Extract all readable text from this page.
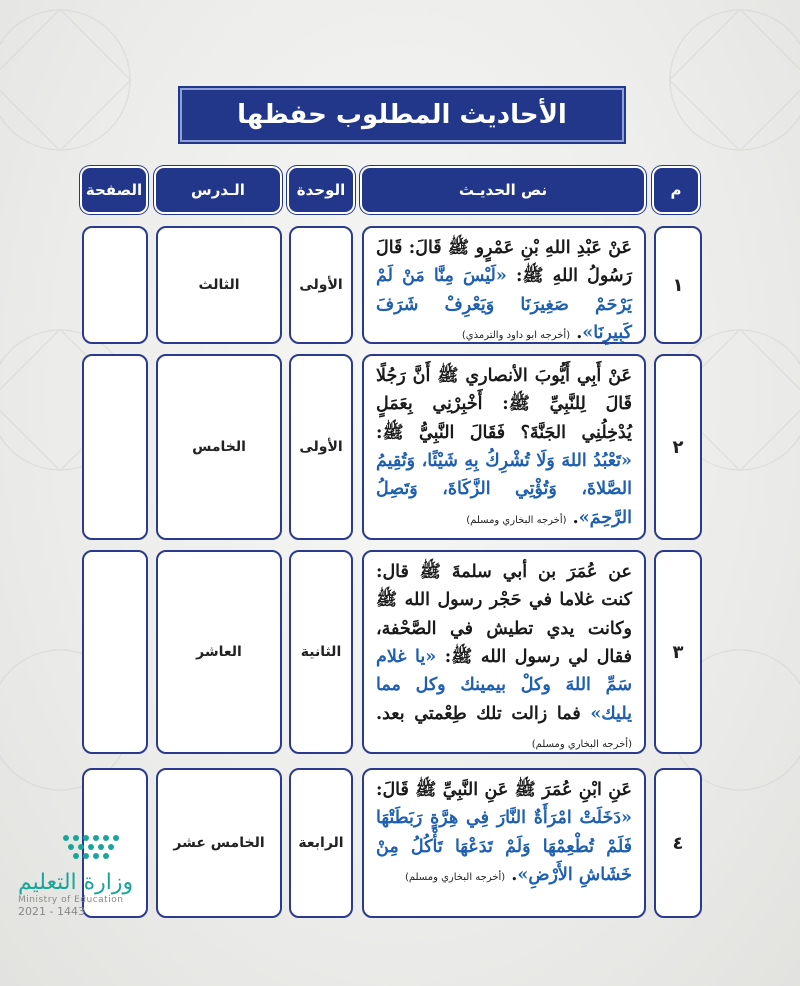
الأحاديث المطلوب حفظها
م
نص الحديـث
الوحدة
الـدرس
الصفحة
١
عَنْ عَبْدِ اللهِ بْنِ عَمْرٍو ﷺ قَالَ: قَالَ رَسُولُ اللهِ ﷺ: «لَيْسَ مِنَّا مَنْ لَمْ يَرْحَمْ صَغِيرَنَا وَيَعْرِفْ شَرَفَ كَبِيرِنَا». (أخرجه ابو داود والترمذي)
الأولى
الثالث
٢
عَنْ أَبِي أَيُّوبَ الأنصاري ﷺ أَنَّ رَجُلًا قَالَ لِلنَّبِيِّ ﷺ: أَخْبِرْنِي بِعَمَلٍ يُدْخِلُنِي الجَنَّةَ؟ فَقَالَ النَّبِيُّ ﷺ: «تَعْبُدُ اللهَ وَلَا تُشْرِكُ بِهِ شَيْئًا، وَتُقِيمُ الصَّلاةَ، وَتُؤْتِي الزَّكَاةَ، وَتَصِلُ الرَّحِمَ». (أخرجه البخاري ومسلم)
الأولى
الخامس
٣
عن عُمَرَ بن أبي سلمةَ ﷺ قال: كنت غلاما في حَجْر رسول الله ﷺ وكانت يدي تطيش في الصَّحْفة، فقال لي رسول الله ﷺ: «يا غلام سَمِّ اللهَ وكلْ بيمينك وكل مما يليك» فما زالت تلك طِعْمتي بعد. (أخرجه البخاري ومسلم)
الثانية
العاشر
٤
عَنِ ابْنِ عُمَرَ ﷺ عَنِ النَّبِيِّ ﷺ قَالَ: «دَخَلَتْ امْرَأَةٌ النَّارَ فِي هِرَّةٍ رَبَطَتْهَا فَلَمْ تُطْعِمْهَا وَلَمْ تَدَعْهَا تَأْكُلُ مِنْ خَشَاشِ الأَرْضِ». (أخرجه البخاري ومسلم)
الرابعة
الخامس عشر
وزارة التعليم
Ministry of Education
2021 - 1443
